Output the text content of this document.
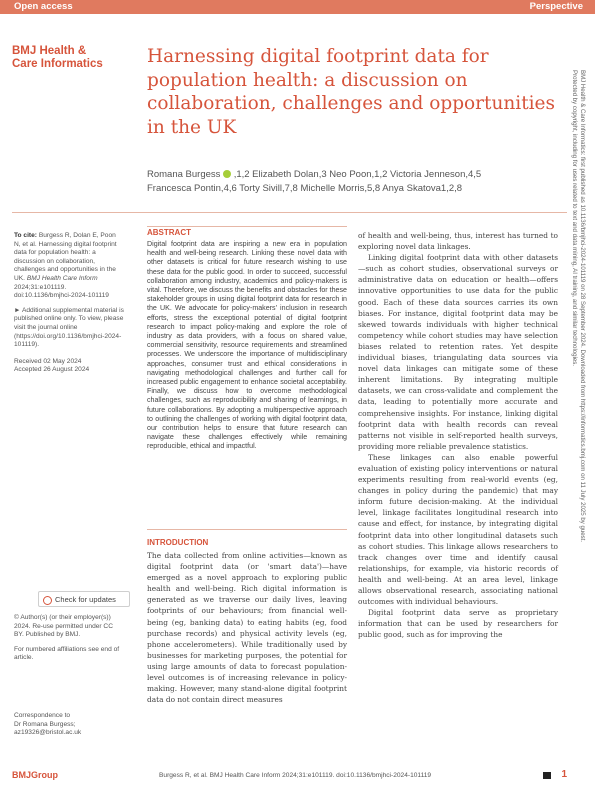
Open access	Perspective
BMJ Health &
Care Informatics Harnessing digital footprint data for population health: a discussion on collaboration, challenges and opportunities in the UK
Romana Burgess ,1,2 Elizabeth Dolan,3 Neo Poon,1,2 Victoria Jenneson,4,5
Francesca Pontin,4,6 Torty Sivill,7,8 Michelle Morris,5,8 Anya Skatova1,2,8
To cite: Burgess R, Dolan E, Poon N, et al. Harnessing digital footprint data for population health: a discussion on collaboration, challenges and opportunities in the UK. BMJ Health Care Inform 2024;31:e101119. doi:10.1136/bmjhci-2024-101119
► Additional supplemental material is published online only. To view, please visit the journal online (https://doi.org/10.1136/bmjhci-2024-101119).
Received 02 May 2024
Accepted 26 August 2024
Check for updates
© Author(s) (or their employer(s)) 2024. Re-use permitted under CC BY. Published by BMJ.
For numbered affiliations see end of article.
Correspondence to
Dr Romana Burgess;
az19326@bristol.ac.uk
ABSTRACT

Digital footprint data are inspiring a new era in population health and well-being research. Linking these novel data with other datasets is critical for future research wishing to use these data for the public good. In order to succeed, successful collaboration among industry, academics and policy-makers is vital. Therefore, we discuss the benefits and obstacles for these stakeholder groups in using digital footprint data for research in the UK. We advocate for policy-makers' inclusion in research efforts, stress the exceptional potential of digital footprint research to impact policy-making and explore the role of industry as data providers, with a focus on shared value, commercial sensitivity, resource requirements and streamlined processes. We underscore the importance of multidisciplinary approaches, consumer trust and ethical considerations in navigating methodological challenges and further call for increased public engagement to enhance societal acceptability. Finally, we discuss how to overcome methodological challenges, such as reproducibility and sharing of learnings, in future collaborations. By adopting a multiperspective approach to outlining the challenges of working with digital footprint data, our contribution helps to ensure that future research can navigate these challenges effectively while remaining reproducible, ethical and impactful.

INTRODUCTION

The data collected from online activities—known as digital footprint data (or 'smart data')—have emerged as a novel approach to exploring public health and well-being. Rich digital information is generated as we traverse our daily lives, leaving footprints of our behaviours; from financial well-being (eg, banking data) to eating habits (eg, food purchase records) and physical activity levels (eg, phone accelerometers). While traditionally used by businesses for marketing purposes, the potential for using large amounts of data to forecast population-level outcomes is of increasing relevance in policy-making. However, many stand-alone digital footprint data do not contain direct measures

of health and well-being, thus, interest has turned to exploring novel data linkages.

Linking digital footprint data with other datasets—such as cohort studies, observational surveys or administrative data on education or health—offers innovative opportunities to use data for the public good. Each of these data sources carries its own biases. For instance, digital footprint data may be skewed towards individuals with higher technical competency while cohort studies may have selection biases related to retention rates. Yet despite individual biases, triangulating data sources via novel data linkages can mitigate some of these inherent limitations. By integrating multiple datasets, we can cross-validate and complement the data, leading to potentially more accurate and comprehensive insights. For instance, linking digital footprint data with health records can reveal patterns not visible in self-reported health surveys, providing more reliable prevalence statistics.

These linkages can also enable powerful evaluation of existing policy interventions or natural experiments resulting from real-world events (eg, changes in policy during the pandemic) that may inform future decision-making. At the individual level, linkage facilitates longitudinal research into cause and effect, for instance, by integrating digital footprint data into other longitudinal datasets such as cohort studies. This linkage allows researchers to track changes over time and identify causal relationships, for example, via historic records of health and well-being. At an area level, linkage allows observational research, associating national outcomes with individual behaviours.

Digital footprint data serve as proprietary information that can be used by researchers for public good, such as for improving the

BMJ Health & Care Informatics: first published as 10.1136/bmjhci-2024-101119 on 28 September 2024. Downloaded from https://informatics.bmj.com on 11 July 2025 by guest.
Protected by copyright, including for uses related to text and data mining, AI training, and similar technologies.
BMJGroup	Burgess R, et al. BMJ Health Care Inform 2024;31:e101119. doi:10.1136/bmjhci-2024-101119	1
